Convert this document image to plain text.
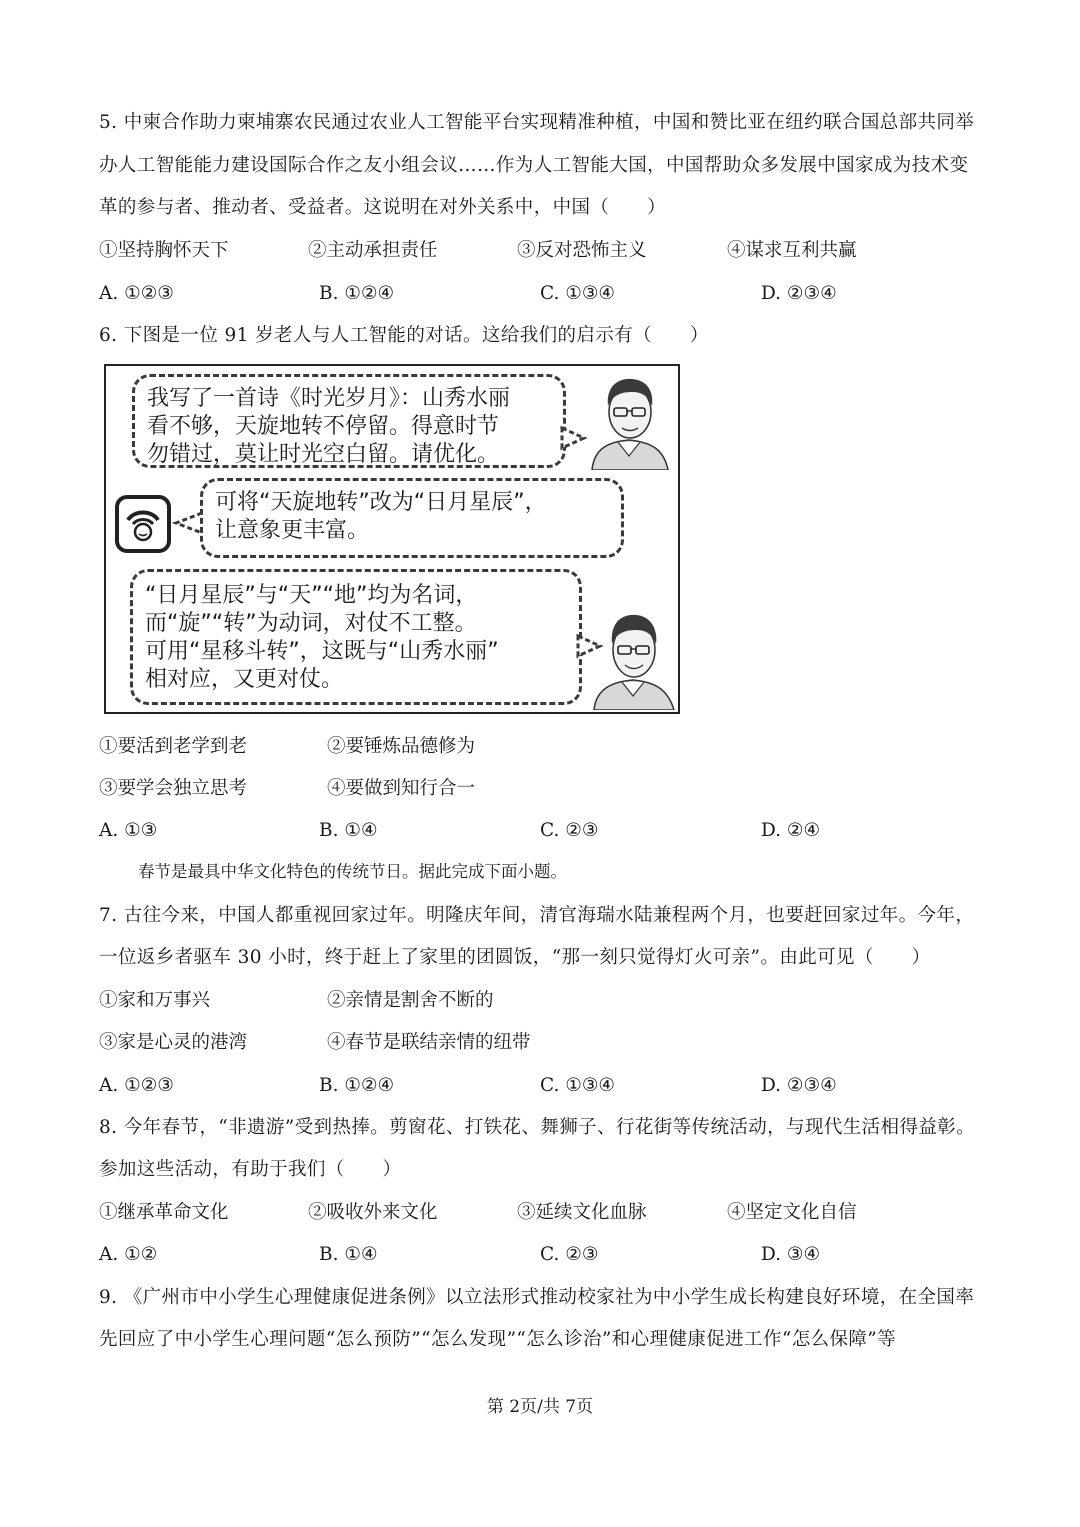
5. 中柬合作助力柬埔寨农民通过农业人工智能平台实现精准种植，中国和赞比亚在纽约联合国总部共同举
办人工智能能力建设国际合作之友小组会议……作为人工智能大国，中国帮助众多发展中国家成为技术变
革的参与者、推动者、受益者。这说明在对外关系中，中国（　　）
①坚持胸怀天下	②主动承担责任	③反对恐怖主义	④谋求互利共赢
A. ①②③	B. ①②④	C. ①③④	D. ②③④
6. 下图是一位 91 岁老人与人工智能的对话。这给我们的启示有（　　）
我写了一首诗《时光岁月》：山秀水丽
看不够，天旋地转不停留。得意时节
勿错过，莫让时光空白留。请优化。
可将“天旋地转”改为“日月星辰”，
让意象更丰富。
“日月星辰”与“天”“地”均为名词，
而“旋”“转”为动词，对仗不工整。
可用“星移斗转”，这既与“山秀水丽”
相对应，又更对仗。
①要活到老学到老	②要锤炼品德修为
③要学会独立思考	④要做到知行合一
A. ①③	B. ①④	C. ②③	D. ②④
春节是最具中华文化特色的传统节日。据此完成下面小题。
7. 古往今来，中国人都重视回家过年。明隆庆年间，清官海瑞水陆兼程两个月，也要赶回家过年。今年，
一位返乡者驱车 30 小时，终于赶上了家里的团圆饭，“那一刻只觉得灯火可亲”。由此可见（　　）
①家和万事兴	②亲情是割舍不断的
③家是心灵的港湾	④春节是联结亲情的纽带
A. ①②③	B. ①②④	C. ①③④	D. ②③④
8. 今年春节，“非遗游”受到热捧。剪窗花、打铁花、舞狮子、行花街等传统活动，与现代生活相得益彰。
参加这些活动，有助于我们（　　）
①继承革命文化	②吸收外来文化	③延续文化血脉	④坚定文化自信
A. ①②	B. ①④	C. ②③	D. ③④
9. 《广州市中小学生心理健康促进条例》以立法形式推动校家社为中小学生成长构建良好环境，在全国率
先回应了中小学生心理问题“怎么预防”“怎么发现”“怎么诊治”和心理健康促进工作“怎么保障”等
第 2页/共 7页
